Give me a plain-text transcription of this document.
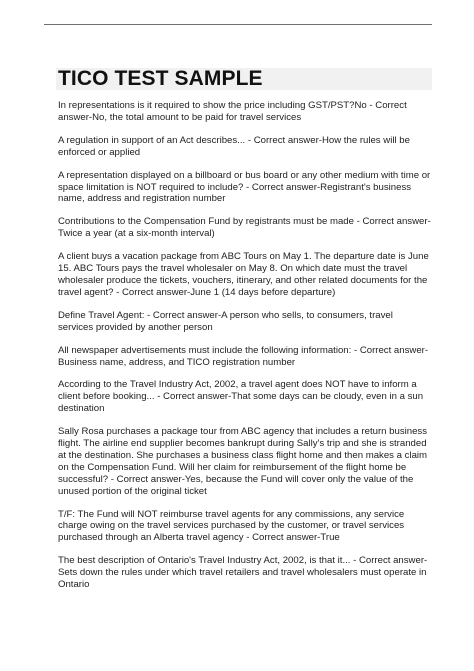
TICO TEST SAMPLE

In representations is it required to show the price including GST/PST?No - Correct
answer-No, the total amount to be paid for travel services

A regulation in support of an Act describes... - Correct answer-How the rules will be
enforced or applied

A representation displayed on a billboard or bus board or any other medium with time or
space limitation is NOT required to include? - Correct answer-Registrant's business
name, address and registration number

Contributions to the Compensation Fund by registrants must be made - Correct answer-
Twice a year (at a six-month interval)

A client buys a vacation package from ABC Tours on May 1. The departure date is June
15. ABC Tours pays the travel wholesaler on May 8. On which date must the travel
wholesaler produce the tickets, vouchers, itinerary, and other related documents for the
travel agent? - Correct answer-June 1 (14 days before departure)

Define Travel Agent: - Correct answer-A person who sells, to consumers, travel
services provided by another person

All newspaper advertisements must include the following information: - Correct answer-
Business name, address, and TICO registration number

According to the Travel Industry Act, 2002, a travel agent does NOT have to inform a
client before booking... - Correct answer-That some days can be cloudy, even in a sun
destination

Sally Rosa purchases a package tour from ABC agency that includes a return business
flight. The airline end supplier becomes bankrupt during Sally's trip and she is stranded
at the destination. She purchases a business class flight home and then makes a claim
on the Compensation Fund. Will her claim for reimbursement of the flight home be
successful? - Correct answer-Yes, because the Fund will cover only the value of the
unused portion of the original ticket

T/F: The Fund will NOT reimburse travel agents for any commissions, any service
charge owing on the travel services purchased by the customer, or travel services
purchased through an Alberta travel agency - Correct answer-True

The best description of Ontario's Travel Industry Act, 2002, is that it... - Correct answer-
Sets down the rules under which travel retailers and travel wholesalers must operate in
Ontario
